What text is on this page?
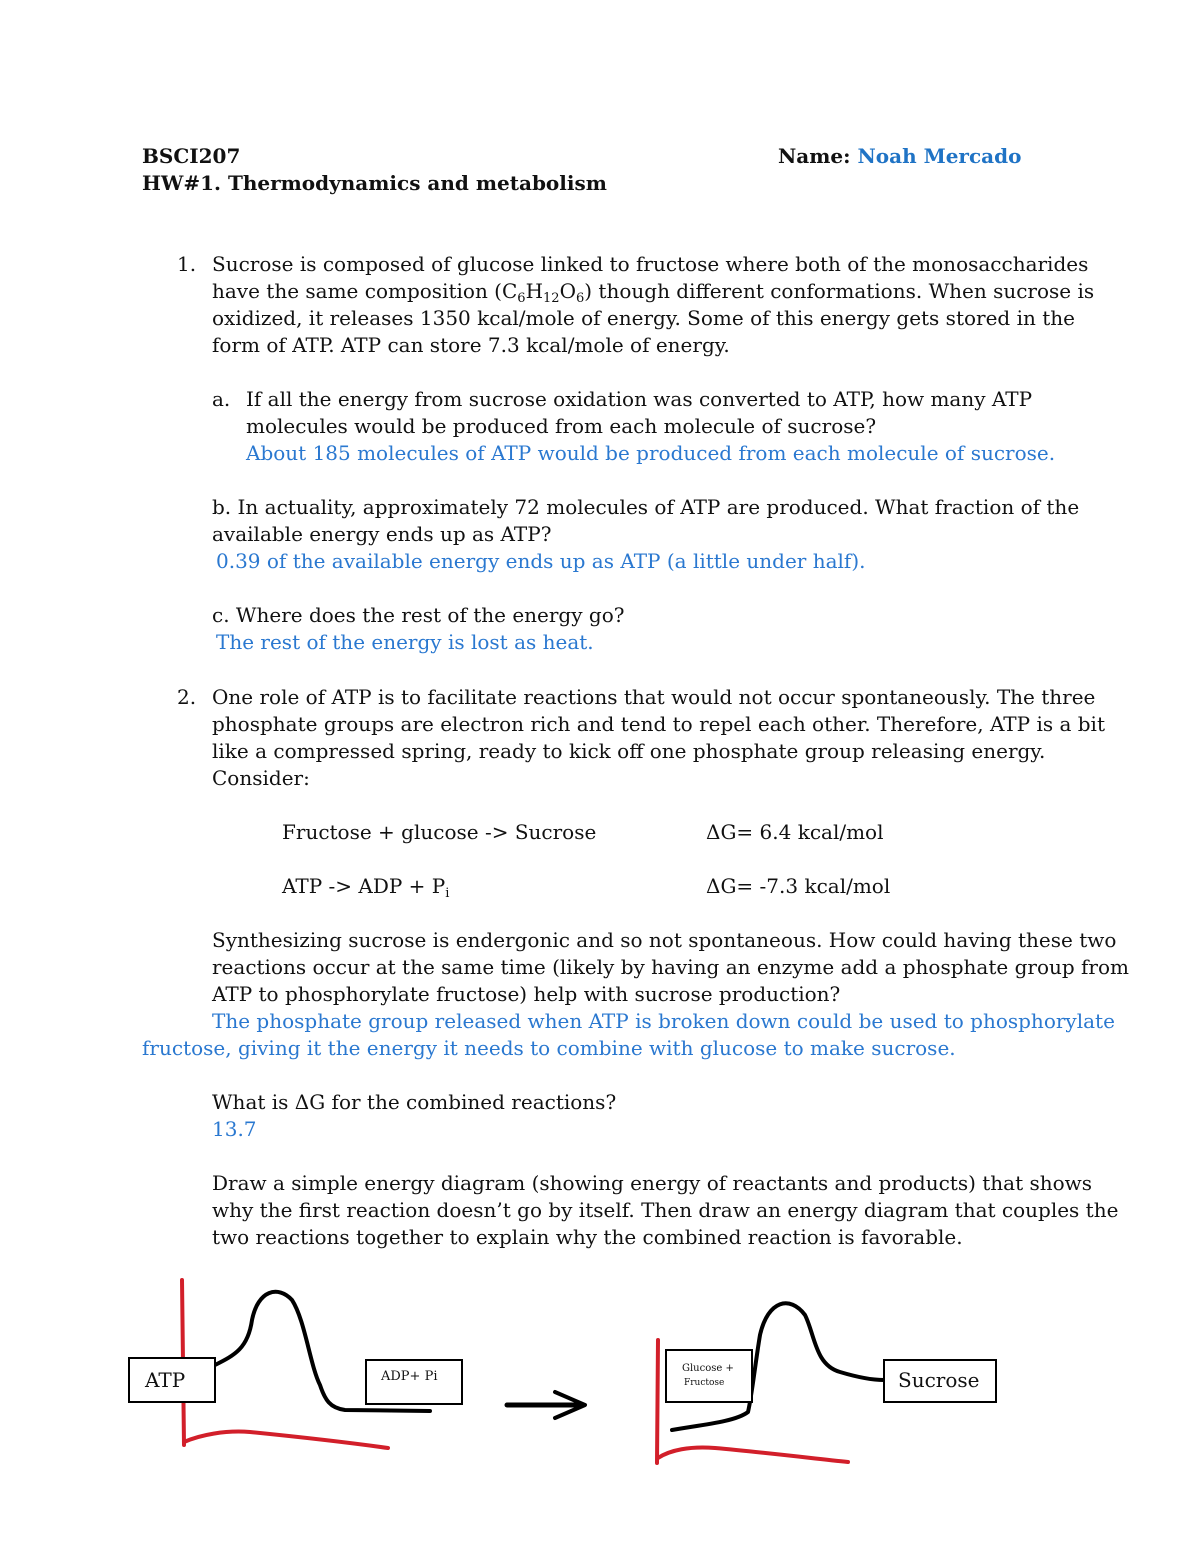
BSCI207	Name: Noah Mercado
HW#1. Thermodynamics and metabolism
1. Sucrose is composed of glucose linked to fructose where both of the monosaccharides
have the same composition $(C_6H_{12}O_6)$ though different conformations. When sucrose is
oxidized, it releases 1350 kcal/mole of energy. Some of this energy gets stored in the
form of ATP. ATP can store 7.3 kcal/mole of energy.
a. If all the energy from sucrose oxidation was converted to ATP, how many ATP
molecules would be produced from each molecule of sucrose?
About 185 molecules of ATP would be produced from each molecule of sucrose.
b. In actuality, approximately 72 molecules of ATP are produced. What fraction of the
available energy ends up as ATP?
0.39 of the available energy ends up as ATP (a little under half).
c. Where does the rest of the energy go?
The rest of the energy is lost as heat.
2. One role of ATP is to facilitate reactions that would not occur spontaneously. The three
phosphate groups are electron rich and tend to repel each other. Therefore, ATP is a bit
like a compressed spring, ready to kick off one phosphate group releasing energy.
Consider:
Fructose + glucose -> Sucrose	ΔG= 6.4 kcal/mol
ATP -> ADP + $P_i$	ΔG= -7.3 kcal/mol
Synthesizing sucrose is endergonic and so not spontaneous. How could having these two
reactions occur at the same time (likely by having an enzyme add a phosphate group from
ATP to phosphorylate fructose) help with sucrose production?
The phosphate group released when ATP is broken down could be used to phosphorylate
fructose, giving it the energy it needs to combine with glucose to make sucrose.
What is ΔG for the combined reactions?
13.7
Draw a simple energy diagram (showing energy of reactants and products) that shows
why the first reaction doesn’t go by itself. Then draw an energy diagram that couples the
two reactions together to explain why the combined reaction is favorable.
ATP	ADP+ Pi
Glucose +
Fructose	Sucrose
